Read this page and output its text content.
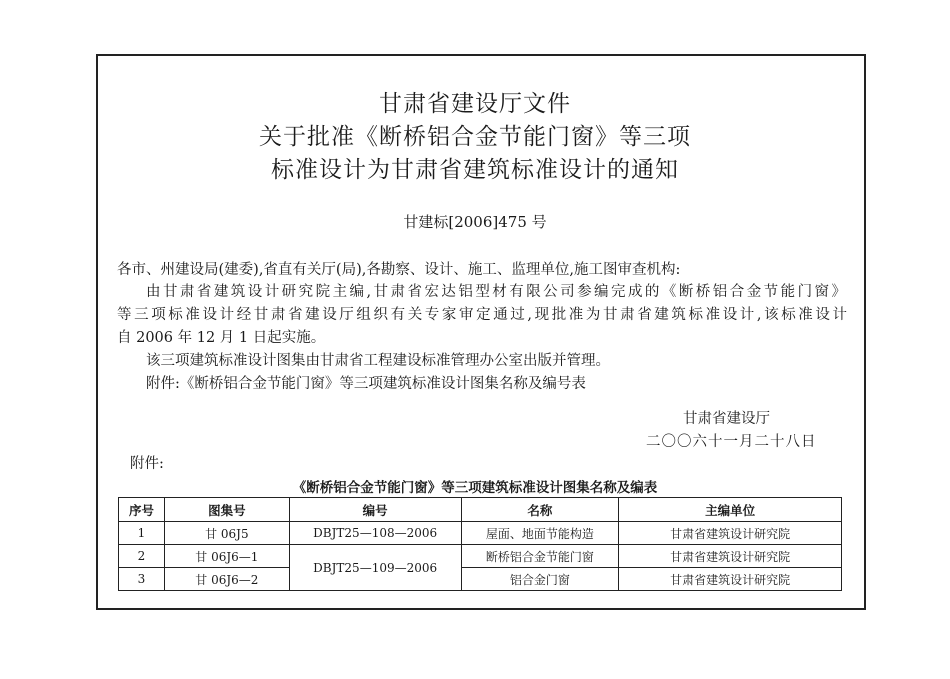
甘肃省建设厅文件
关于批准《断桥铝合金节能门窗》等三项
标准设计为甘肃省建筑标准设计的通知
甘建标[2006]475 号
各市、州建设局(建委),省直有关厅(局),各勘察、设计、施工、监理单位,施工图审查机构:
由甘肃省建筑设计研究院主编,甘肃省宏达铝型材有限公司参编完成的《断桥铝合金节能门窗》
等三项标准设计经甘肃省建设厅组织有关专家审定通过,现批准为甘肃省建筑标准设计,该标准设计
自 2006 年 12 月 1 日起实施。
该三项建筑标准设计图集由甘肃省工程建设标准管理办公室出版并管理。
附件:《断桥铝合金节能门窗》等三项建筑标准设计图集名称及编号表
甘肃省建设厅
二〇〇六十一月二十八日
附件:
《断桥铝合金节能门窗》等三项建筑标准设计图集名称及编表
序号	图集号	编号	名称	主编单位
1	甘 06J5	DBJT25—108—2006	屋面、地面节能构造	甘肃省建筑设计研究院
2	甘 06J6—1	DBJT25—109—2006	断桥铝合金节能门窗	甘肃省建筑设计研究院
3	甘 06J6—2		铝合金门窗	甘肃省建筑设计研究院
